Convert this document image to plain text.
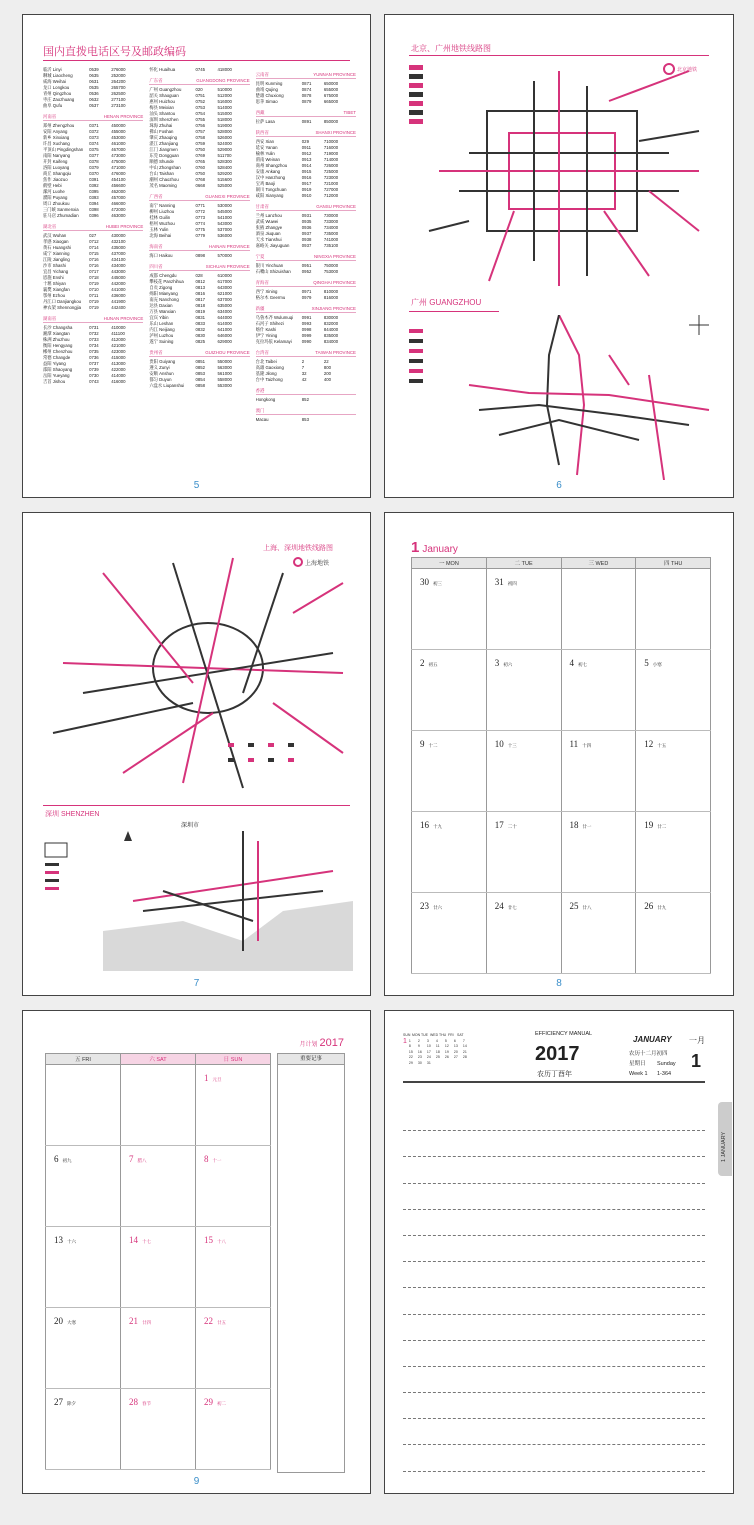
国内直拨电话区号及邮政编码
临沂 Linyi	0539	276000
聊城 Liaocheng	0635	252000
威海 Weihai	0631	264200
龙口 Longkou	0535	265700
青州 Qingzhou	0536	262500
枣庄 Zaozhuang	0632	277100
曲阜 Qufu	0537	273100
河南省	HENAN PROVINCE
郑州 Zhengzhou	0371	450000
安阳 Anyang	0372	455000
新乡 Xinxiang	0373	453000
许昌 Xuchang	0374	461000
平顶山 Pingdingshan	0375	467000
南阳 Nanyang	0377	473000
开封 Kaifeng	0378	475000
洛阳 Luoyang	0379	471000
商丘 Shangqiu	0370	476000
焦作 Jiaozuo	0391	454100
鹤壁 Hebi	0392	456600
漯河 Luohe	0395	462000
濮阳 Puyang	0393	457000
周口 Zhoukou	0394	466000
三门峡 Sanmenxia	0398	472000
驻马店 Zhumadian	0396	463000
湖北省	HUBEI PROVINCE
武汉 Wuhan	027	430000
孝感 Xiaogan	0712	432100
黄石 Huangshi	0714	435000
咸宁 Xianning	0715	437000
江陵 Jiangling	0716	434100
沙市 Shashi	0716	434000
宜昌 Yichang	0717	443000
恩施 Enshi	0718	445000
十堰 Shiyan	0719	442000
襄樊 Xiangfan	0710	441000
鄂州 Ezhou	0711	436000
丹江口 Danjiangkou	0719	441900
神农架 Shennongjia	0719	442400
湖南省	HUNAN PROVINCE
长沙 Changsha	0731	410000
湘潭 Xiangtan	0732	411100
株洲 Zhuzhou	0733	412000
衡阳 Hengyang	0734	421000
郴州 Chenzhou	0735	423000
常德 Changde	0736	415000
益阳 Yiyang	0737	413000
邵阳 Shaoyang	0739	422000
岳阳 Yueyang	0730	414000
吉首 Jishou	0743	416000
怀化 Huaihua	0745	418000
广东省	GUANGDONG PROVINCE
广州 Guangzhou	020	510000
韶关 Shaoguan	0751	512000
惠州 Huizhou	0752	516000
梅县 Meixian	0753	514000
汕头 Shantou	0754	515000
深圳 Shenzhen	0755	518000
珠海 Zhuhai	0756	519000
佛山 Foshan	0757	528000
肇庆 Zhaoqing	0758	526000
湛江 Zhanjiang	0759	524000
江门 Jiangmen	0750	529000
东莞 Dongguan	0769	511700
顺德 Shunde	0765	528300
中山 Zhongshan	0760	528400
台山 Taishan	0750	529200
潮州 Chaozhou	0768	515600
茂名 Maoming	0668	525000
广西省	GUANGXI PROVINCE
南宁 Nanning	0771	530000
柳州 Liuzhou	0772	545000
桂林 Guilin	0773	541000
梧州 Wuzhou	0774	543000
玉林 Yulin	0775	537000
北海 Beihai	0779	536000
海南省	HAINAN PROVINCE
海口 Haikou	0898	570000
四川省	SICHUAN PROVINCE
成都 Chengdu	028	610000
攀枝花 Panzhihua	0812	617000
自贡 Zigong	0813	643000
绵阳 Mianyang	0816	621000
南充 Nanchong	0817	637000
达县 Daxian	0818	635000
万县 Wanxian	0819	634000
宜宾 Yibin	0831	644000
乐山 Leshan	0833	614000
内江 Neijiang	0832	641000
泸州 Luzhou	0830	646000
遂宁 Suining	0825	629000
贵州省	GUIZHOU PROVINCE
贵阳 Guiyang	0851	550000
遵义 Zunyi	0852	563000
安顺 Anshun	0853	561000
都匀 Duyun	0854	558000
六盘水 Liupanshui	0858	553000
云南省	YUNNAN PROVINCE
昆明 Kunming	0871	650000
曲靖 Qujing	0874	655000
楚雄 Chuxiong	0878	675000
思茅 Simao	0879	665000
西藏	TIBET
拉萨 Lasa	0891	850000
陕西省	SHANXI PROVINCE
西安 Xian	029	710000
延安 Yanan	0911	716000
榆林 Yulin	0912	719000
渭南 Weinan	0913	714000
商州 Shangzhou	0914	726000
安康 Ankang	0915	725000
汉中 Hanzhong	0916	723000
宝鸡 Baoji	0917	721000
铜川 Tongchuan	0919	727000
咸阳 Xianyang	0910	712000
甘肃省	GANSU PROVINCE
兰州 Lanzhou	0931	730000
武威 Wuwei	0935	733000
张掖 Zhangye	0936	734000
酒泉 Jiuquan	0937	735000
天水 Tianshui	0938	741000
嘉峪关 Jiayuguan	0937	735100
宁夏	NINGXIA PROVINCE
银川 Yinchuan	0951	750000
石嘴山 Shizuishan	0952	753000
青海省	QINGHAI PROVINCE
西宁 Xining	0971	810000
格尔木 Geermu	0979	816000
新疆	XINJIANG PROVINCE
乌鲁木齐 Wulumuqi	0991	830000
石河子 Shihezi	0993	832000
喀什 Kashi	0998	844000
伊宁 Yining	0999	835000
克拉玛依 Kelamayi	0990	834000
台湾省	TAIWAN PROVINCE
台北 Taibei	2	22
高雄 Gaoxiong	7	800
基隆 Jilong	32	200
台中 Taizhong	42	400
香港
Hongkong	852
澳门
Macau	853
5
北京、广州地铁线路图
北京地铁
广州 GUANGZHOU
6
上海、深圳地铁线路图
上海地铁
深圳 SHENZHEN
深圳市
7
1 January
一 MON	二 TUE	三 WED	四 THU
30 初三	31 初四		
2 初五	3 初六	4 初七	5 小寒
9 十二	10 十三	11 十四	12 十五
16 十九	17 二十	18 廿一	19 廿二
23 廿六	24 廿七	25 廿八	26 廿九
8
月计划 2017
五 FRI	六 SAT	日 SUN
		1 元旦
6 初九	7 腊八	8 十一
13 十六	14 十七	15 十八
20 大寒	21 廿四	22 廿五
27 除夕	28 春节	29 初二
重要记事
9
SUN MON TUE WED THU FRI SAT
1 1	2	3	4	5	6	7
8	9	10	11	12	13	14
15	16	17	18	19	20	21
22	23	24	25	26	27	28
29	30	31
EFFICIENCY MANUAL
2017
农历丁酉年
JANUARY 一月
农历十二月初四
星期日 Sunday
Week 1 1-364
1
1 JANUARY
